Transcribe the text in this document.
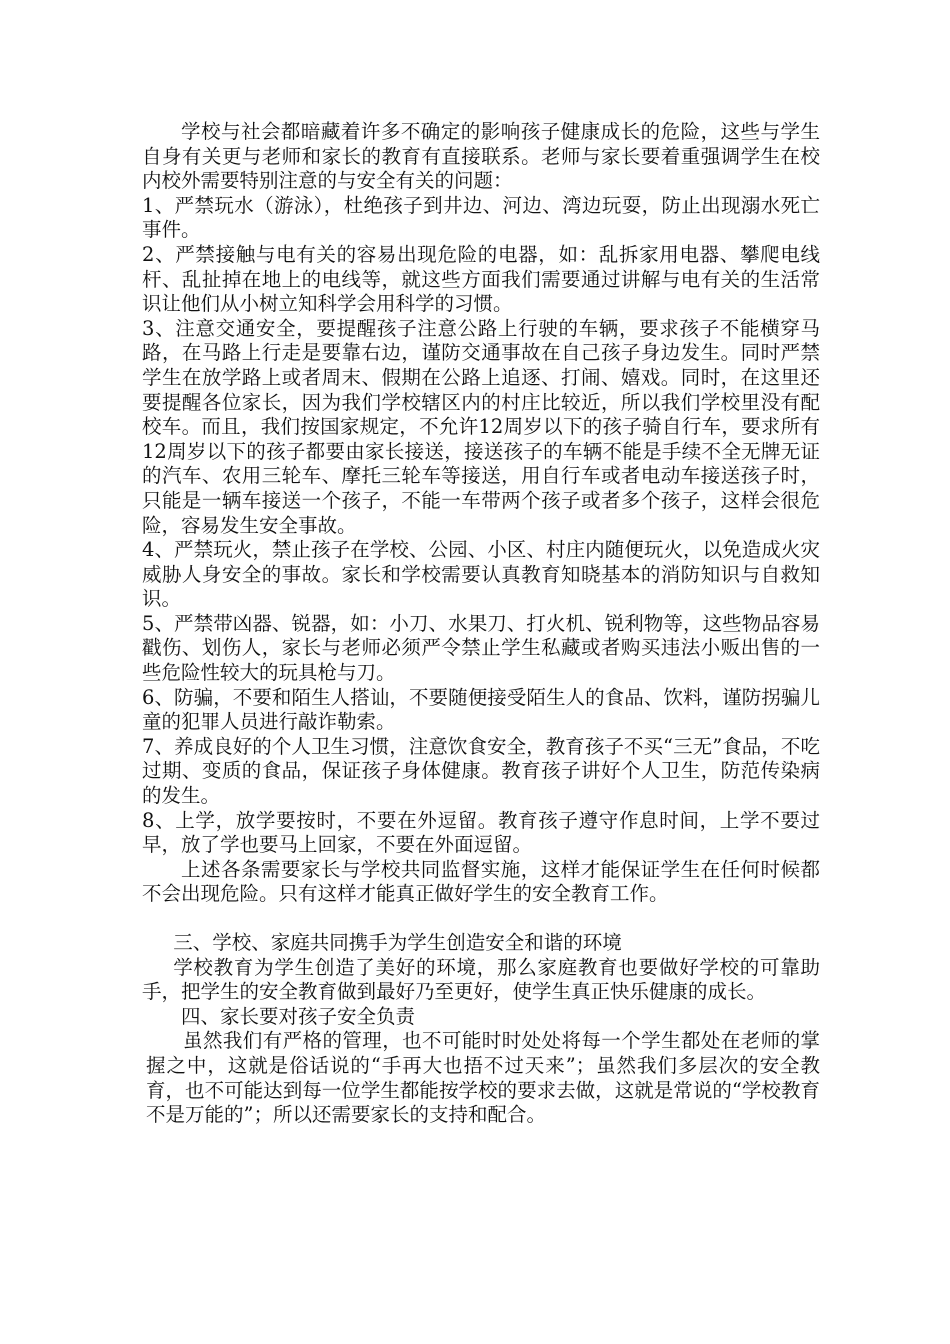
学校与社会都暗藏着许多不确定的影响孩子健康成长的危险，这些与学生自身有关更与老师和家长的教育有直接联系。老师与家长要着重强调学生在校内校外需要特别注意的与安全有关的问题：

1、严禁玩水（游泳），杜绝孩子到井边、河边、湾边玩耍，防止出现溺水死亡事件。

2、严禁接触与电有关的容易出现危险的电器，如：乱拆家用电器、攀爬电线杆、乱扯掉在地上的电线等，就这些方面我们需要通过讲解与电有关的生活常识让他们从小树立知科学会用科学的习惯。

3、注意交通安全，要提醒孩子注意公路上行驶的车辆，要求孩子不能横穿马路，在马路上行走是要靠右边，谨防交通事故在自己孩子身边发生。同时严禁学生在放学路上或者周末、假期在公路上追逐、打闹、嬉戏。同时，在这里还要提醒各位家长，因为我们学校辖区内的村庄比较近，所以我们学校里没有配校车。而且，我们按国家规定，不允许12周岁以下的孩子骑自行车，要求所有12周岁以下的孩子都要由家长接送，接送孩子的车辆不能是手续不全无牌无证的汽车、农用三轮车、摩托三轮车等接送，用自行车或者电动车接送孩子时，只能是一辆车接送一个孩子，不能一车带两个孩子或者多个孩子，这样会很危险，容易发生安全事故。

4、严禁玩火，禁止孩子在学校、公园、小区、村庄内随便玩火，以免造成火灾威胁人身安全的事故。家长和学校需要认真教育知晓基本的消防知识与自救知识。

5、严禁带凶器、锐器，如：小刀、水果刀、打火机、锐利物等，这些物品容易戳伤、划伤人，家长与老师必须严令禁止学生私藏或者购买违法小贩出售的一些危险性较大的玩具枪与刀。

6、防骗，不要和陌生人搭讪，不要随便接受陌生人的食品、饮料，谨防拐骗儿童的犯罪人员进行敲诈勒索。

7、养成良好的个人卫生习惯，注意饮食安全，教育孩子不买“三无”食品，不吃过期、变质的食品，保证孩子身体健康。教育孩子讲好个人卫生，防范传染病的发生。

8、上学，放学要按时，不要在外逗留。教育孩子遵守作息时间，上学不要过早，放了学也要马上回家，不要在外面逗留。

上述各条需要家长与学校共同监督实施，这样才能保证学生在任何时候都不会出现危险。只有这样才能真正做好学生的安全教育工作。

三、学校、家庭共同携手为学生创造安全和谐的环境

学校教育为学生创造了美好的环境，那么家庭教育也要做好学校的可靠助手，把学生的安全教育做到最好乃至更好，使学生真正快乐健康的成长。

四、家长要对孩子安全负责

虽然我们有严格的管理，也不可能时时处处将每一个学生都处在老师的掌握之中，这就是俗话说的“手再大也捂不过天来”；虽然我们多层次的安全教育，也不可能达到每一位学生都能按学校的要求去做，这就是常说的“学校教育不是万能的”；所以还需要家长的支持和配合。
